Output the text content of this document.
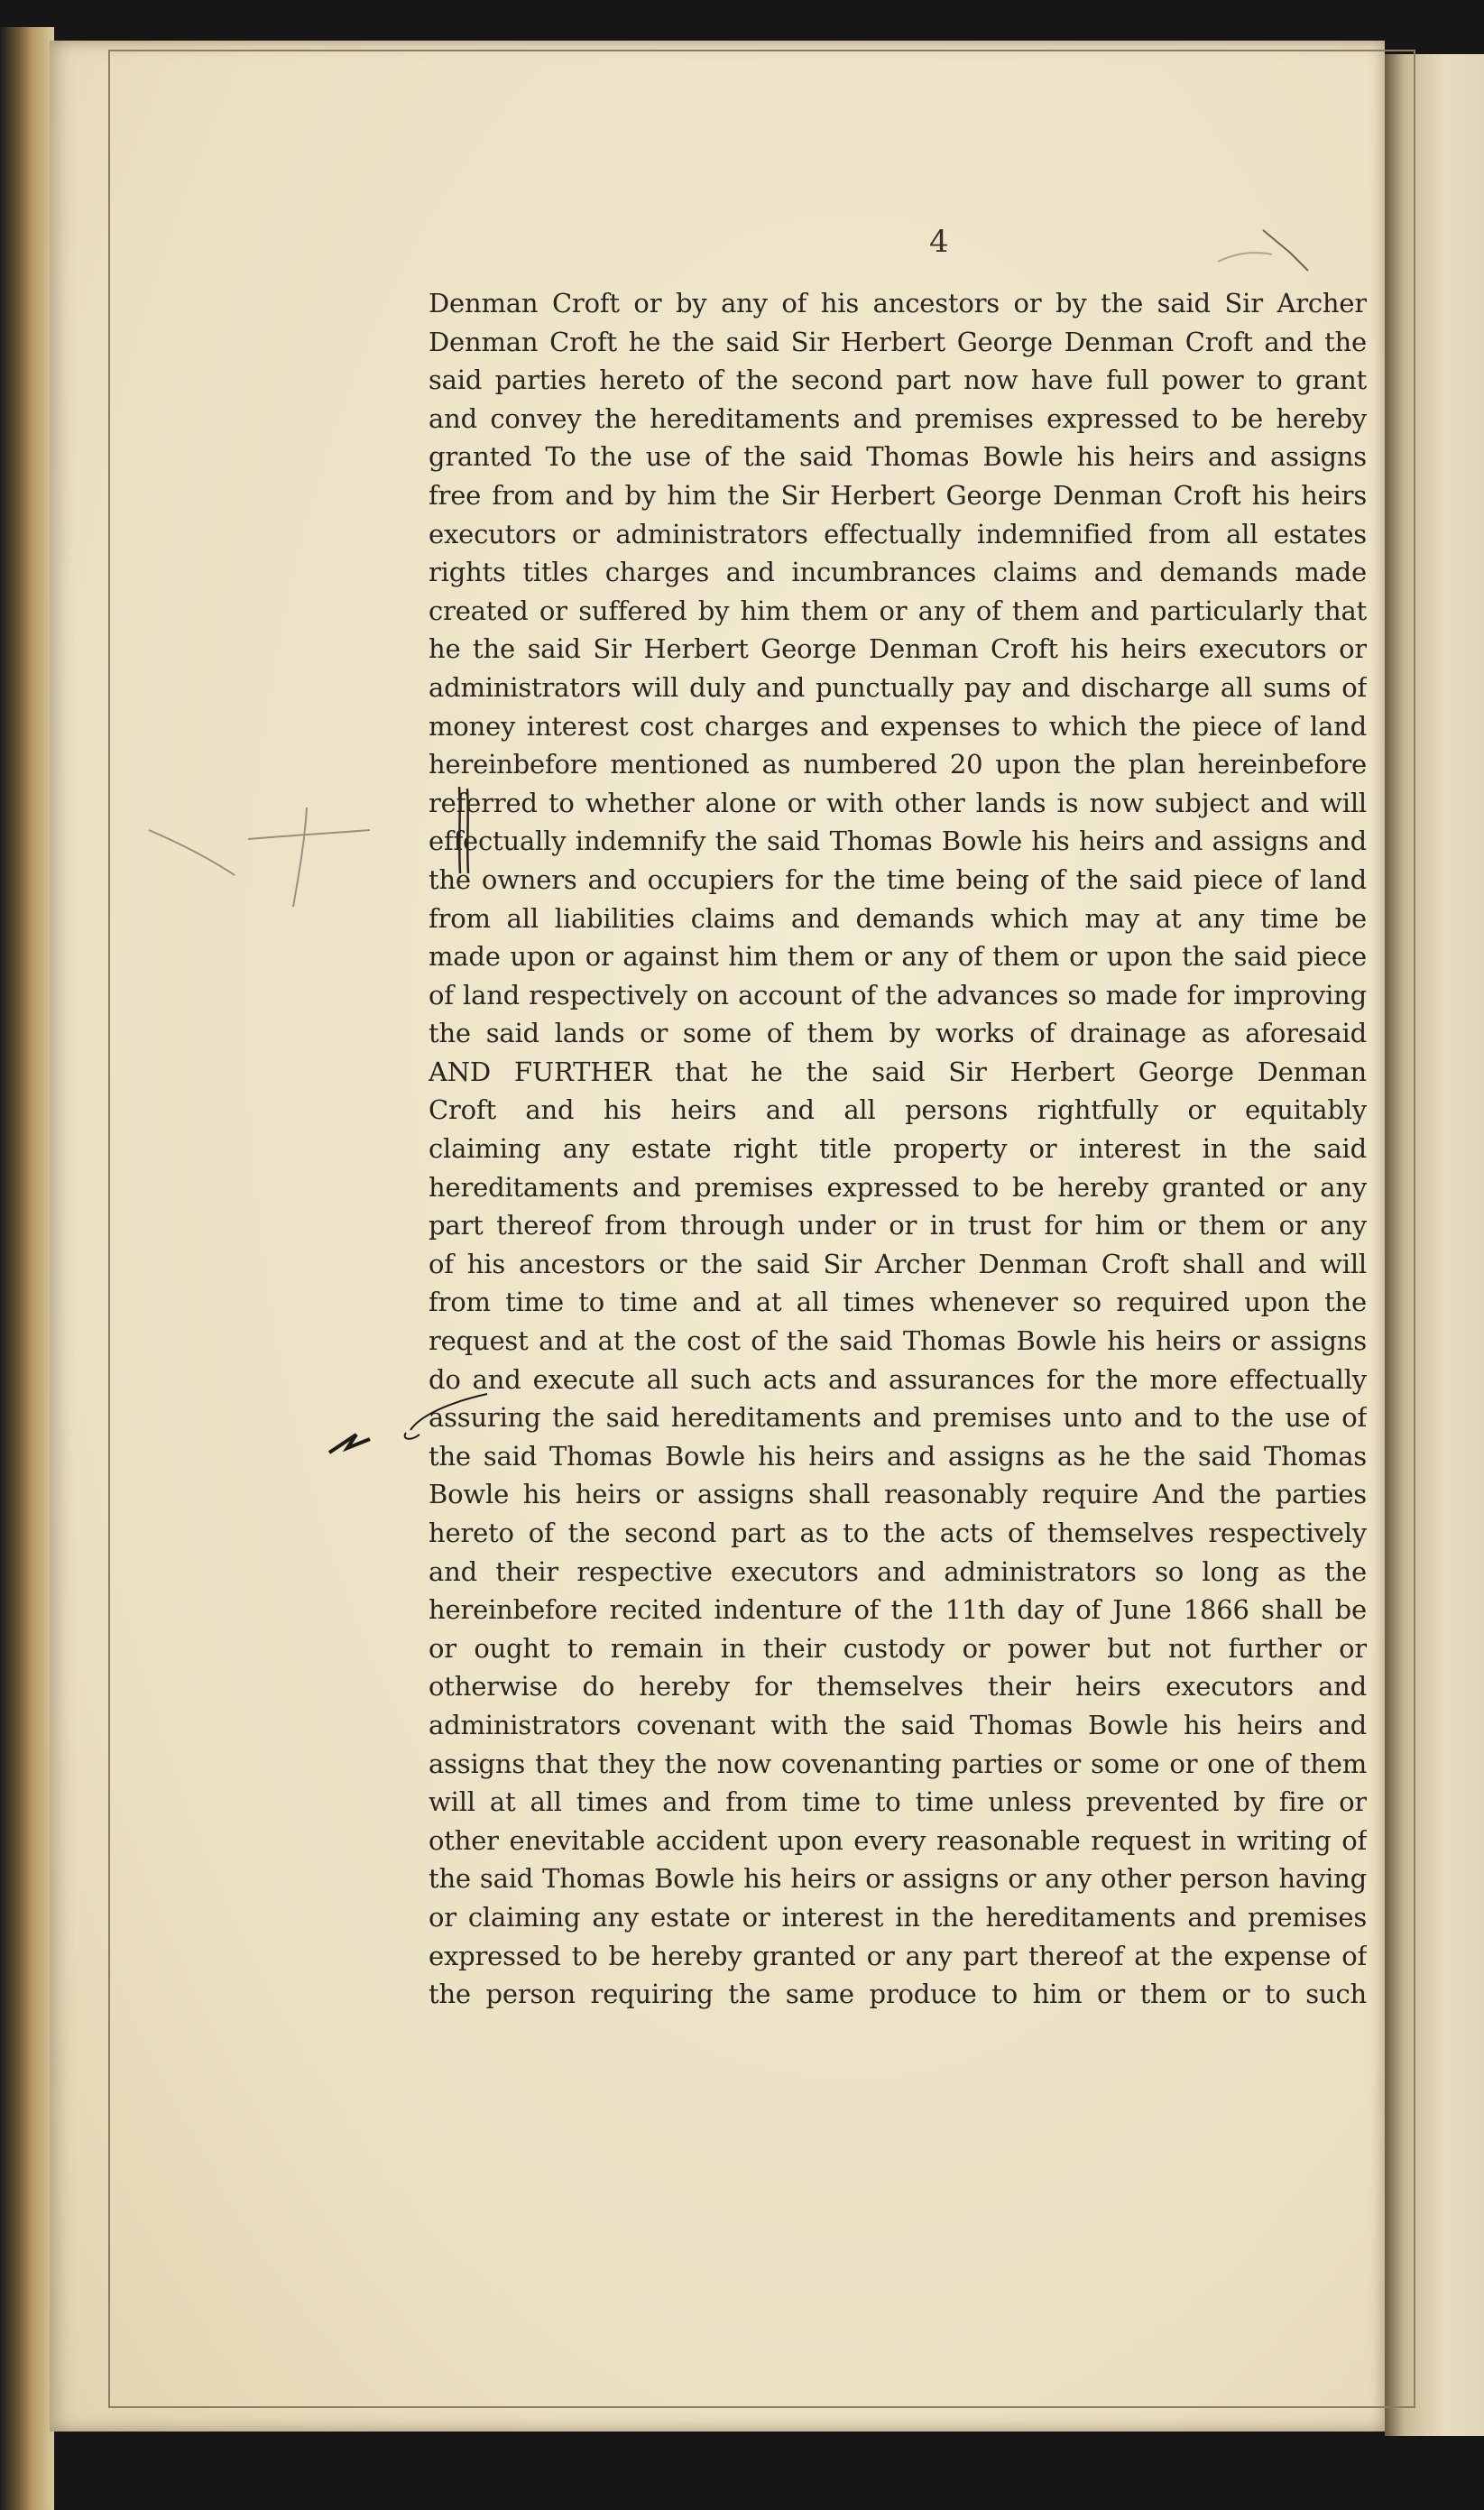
4
Denman Croft or by any of his ancestors or by the said Sir Archer
Denman Croft he the said Sir Herbert George Denman Croft and the
said parties hereto of the second part now have full power to grant
and convey the hereditaments and premises expressed to be hereby
granted To the use of the said Thomas Bowle his heirs and assigns
free from and by him the Sir Herbert George Denman Croft his heirs
executors or administrators effectually indemnified from all estates
rights titles charges and incumbrances claims and demands made
created or suffered by him them or any of them and particularly that
he the said Sir Herbert George Denman Croft his heirs executors or
administrators will duly and punctually pay and discharge all sums of
money interest cost charges and expenses to which the piece of land
hereinbefore mentioned as numbered 20 upon the plan hereinbefore
referred to whether alone or with other lands is now subject and will
effectually indemnify the said Thomas Bowle his heirs and assigns and
the owners and occupiers for the time being of the said piece of land
from all liabilities claims and demands which may at any time be
made upon or against him them or any of them or upon the said piece
of land respectively on account of the advances so made for improving
the said lands or some of them by works of drainage as aforesaid
AND FURTHER that he the said Sir Herbert George Denman
Croft and his heirs and all persons rightfully or equitably
claiming any estate right title property or interest in the said
hereditaments and premises expressed to be hereby granted or any
part thereof from through under or in trust for him or them or any
of his ancestors or the said Sir Archer Denman Croft shall and will
from time to time and at all times whenever so required upon the
request and at the cost of the said Thomas Bowle his heirs or assigns
do and execute all such acts and assurances for the more effectually
assuring the said hereditaments and premises unto and to the use of
the said Thomas Bowle his heirs and assigns as he the said Thomas
Bowle his heirs or assigns shall reasonably require And the parties
hereto of the second part as to the acts of themselves respectively
and their respective executors and administrators so long as the
hereinbefore recited indenture of the 11th day of June 1866 shall be
or ought to remain in their custody or power but not further or
otherwise do hereby for themselves their heirs executors and
administrators covenant with the said Thomas Bowle his heirs and
assigns that they the now covenanting parties or some or one of them
will at all times and from time to time unless prevented by fire or
other enevitable accident upon every reasonable request in writing of
the said Thomas Bowle his heirs or assigns or any other person having
or claiming any estate or interest in the hereditaments and premises
expressed to be hereby granted or any part thereof at the expense of
the person requiring the same produce to him or them or to such
